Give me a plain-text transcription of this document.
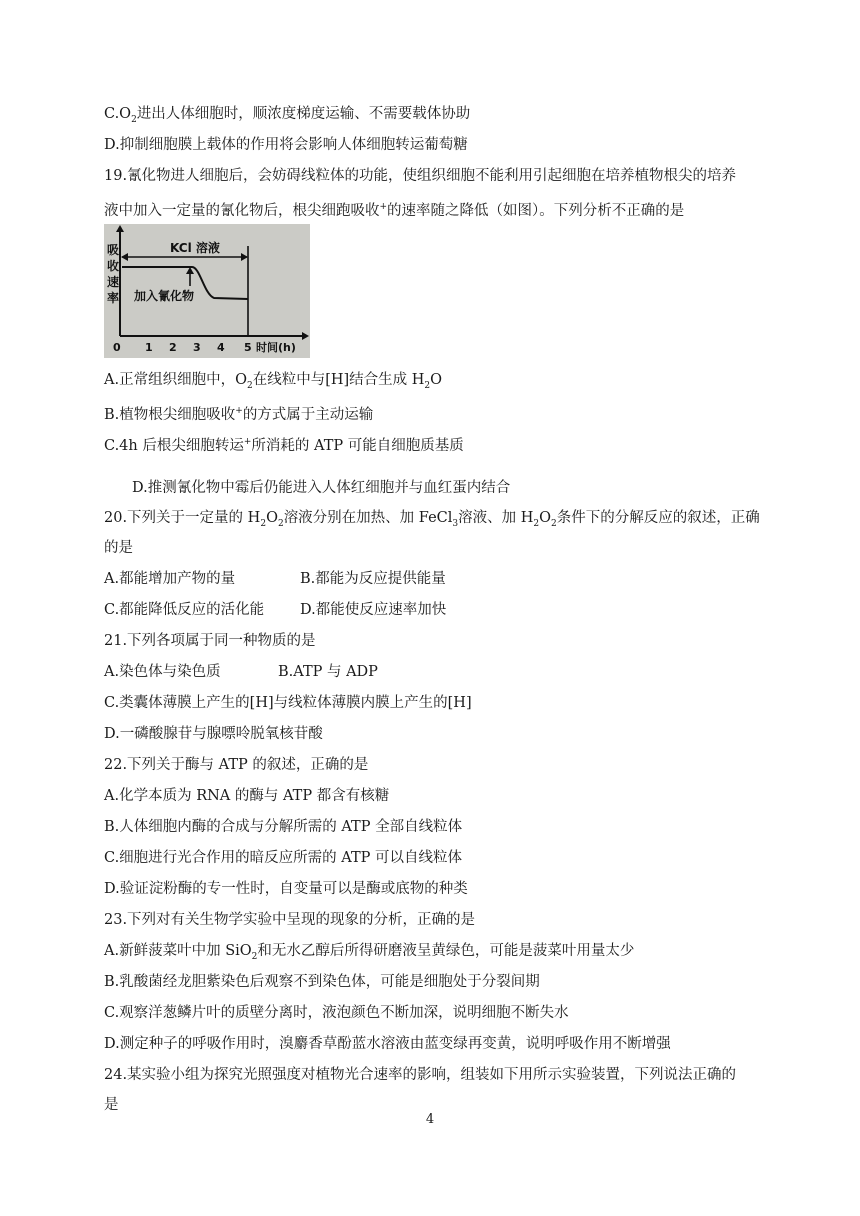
$C.O_2$进出人体细胞时，顺浓度梯度运输、不需要载体协助
D.抑制细胞膜上载体的作用将会影响人体细胞转运葡萄糖
19.氰化物进人细胞后，会妨碍线粒体的功能，使组织细胞不能利用引起细胞在培养植物根尖的培养
液中加入一定量的氰化物后，根尖细跑吸收+的速率随之降低（如图）。下列分析不正确的是
吸
收
速
率
KCl 溶液
加入氰化物
0 1 2 3 4 5 时间(h)
A.正常组织细胞中，$O_2$在线粒中与[H]结合生成 $H_2O$
B.植物根尖细胞吸收+的方式属于主动运输
C.4h 后根尖细胞转运+所消耗的 ATP 可能自细胞质基质
D.推测氰化物中霉后仍能进入人体红细胞并与血红蛋内结合
20.下列关于一定量的 $H_2O_2$溶液分别在加热、加 FeCl$_3$溶液、加 $H_2O_2$条件下的分解反应的叙述，正确
的是
A.都能增加产物的量	B.都能为反应提供能量
C.都能降低反应的活化能 D.都能使反应速率加快
21.下列各项属于同一种物质的是
A.染色体与染色质	B.ATP 与 ADP
C.类囊体薄膜上产生的[H]与线粒体薄膜内膜上产生的[H]
D.一磷酸腺苷与腺嘌呤脱氧核苷酸
22.下列关于酶与 ATP 的叙述，正确的是
A.化学本质为 RNA 的酶与 ATP 都含有核糖
B.人体细胞内酶的合成与分解所需的 ATP 全部自线粒体
C.细胞进行光合作用的暗反应所需的 ATP 可以自线粒体
D.验证淀粉酶的专一性时，自变量可以是酶或底物的种类
23.下列对有关生物学实验中呈现的现象的分析，正确的是
A.新鲜菠菜叶中加 SiO$_2$和无水乙醇后所得研磨液呈黄绿色，可能是菠菜叶用量太少
B.乳酸菌经龙胆紫染色后观察不到染色体，可能是细胞处于分裂间期
C.观察洋葱鳞片叶的质壁分离时，液泡颜色不断加深，说明细胞不断失水
D.测定种子的呼吸作用时，溴麝香草酚蓝水溶液由蓝变绿再变黄，说明呼吸作用不断增强
24.某实验小组为探究光照强度对植物光合速率的影响，组装如下用所示实验装置，下列说法正确的
是
4
